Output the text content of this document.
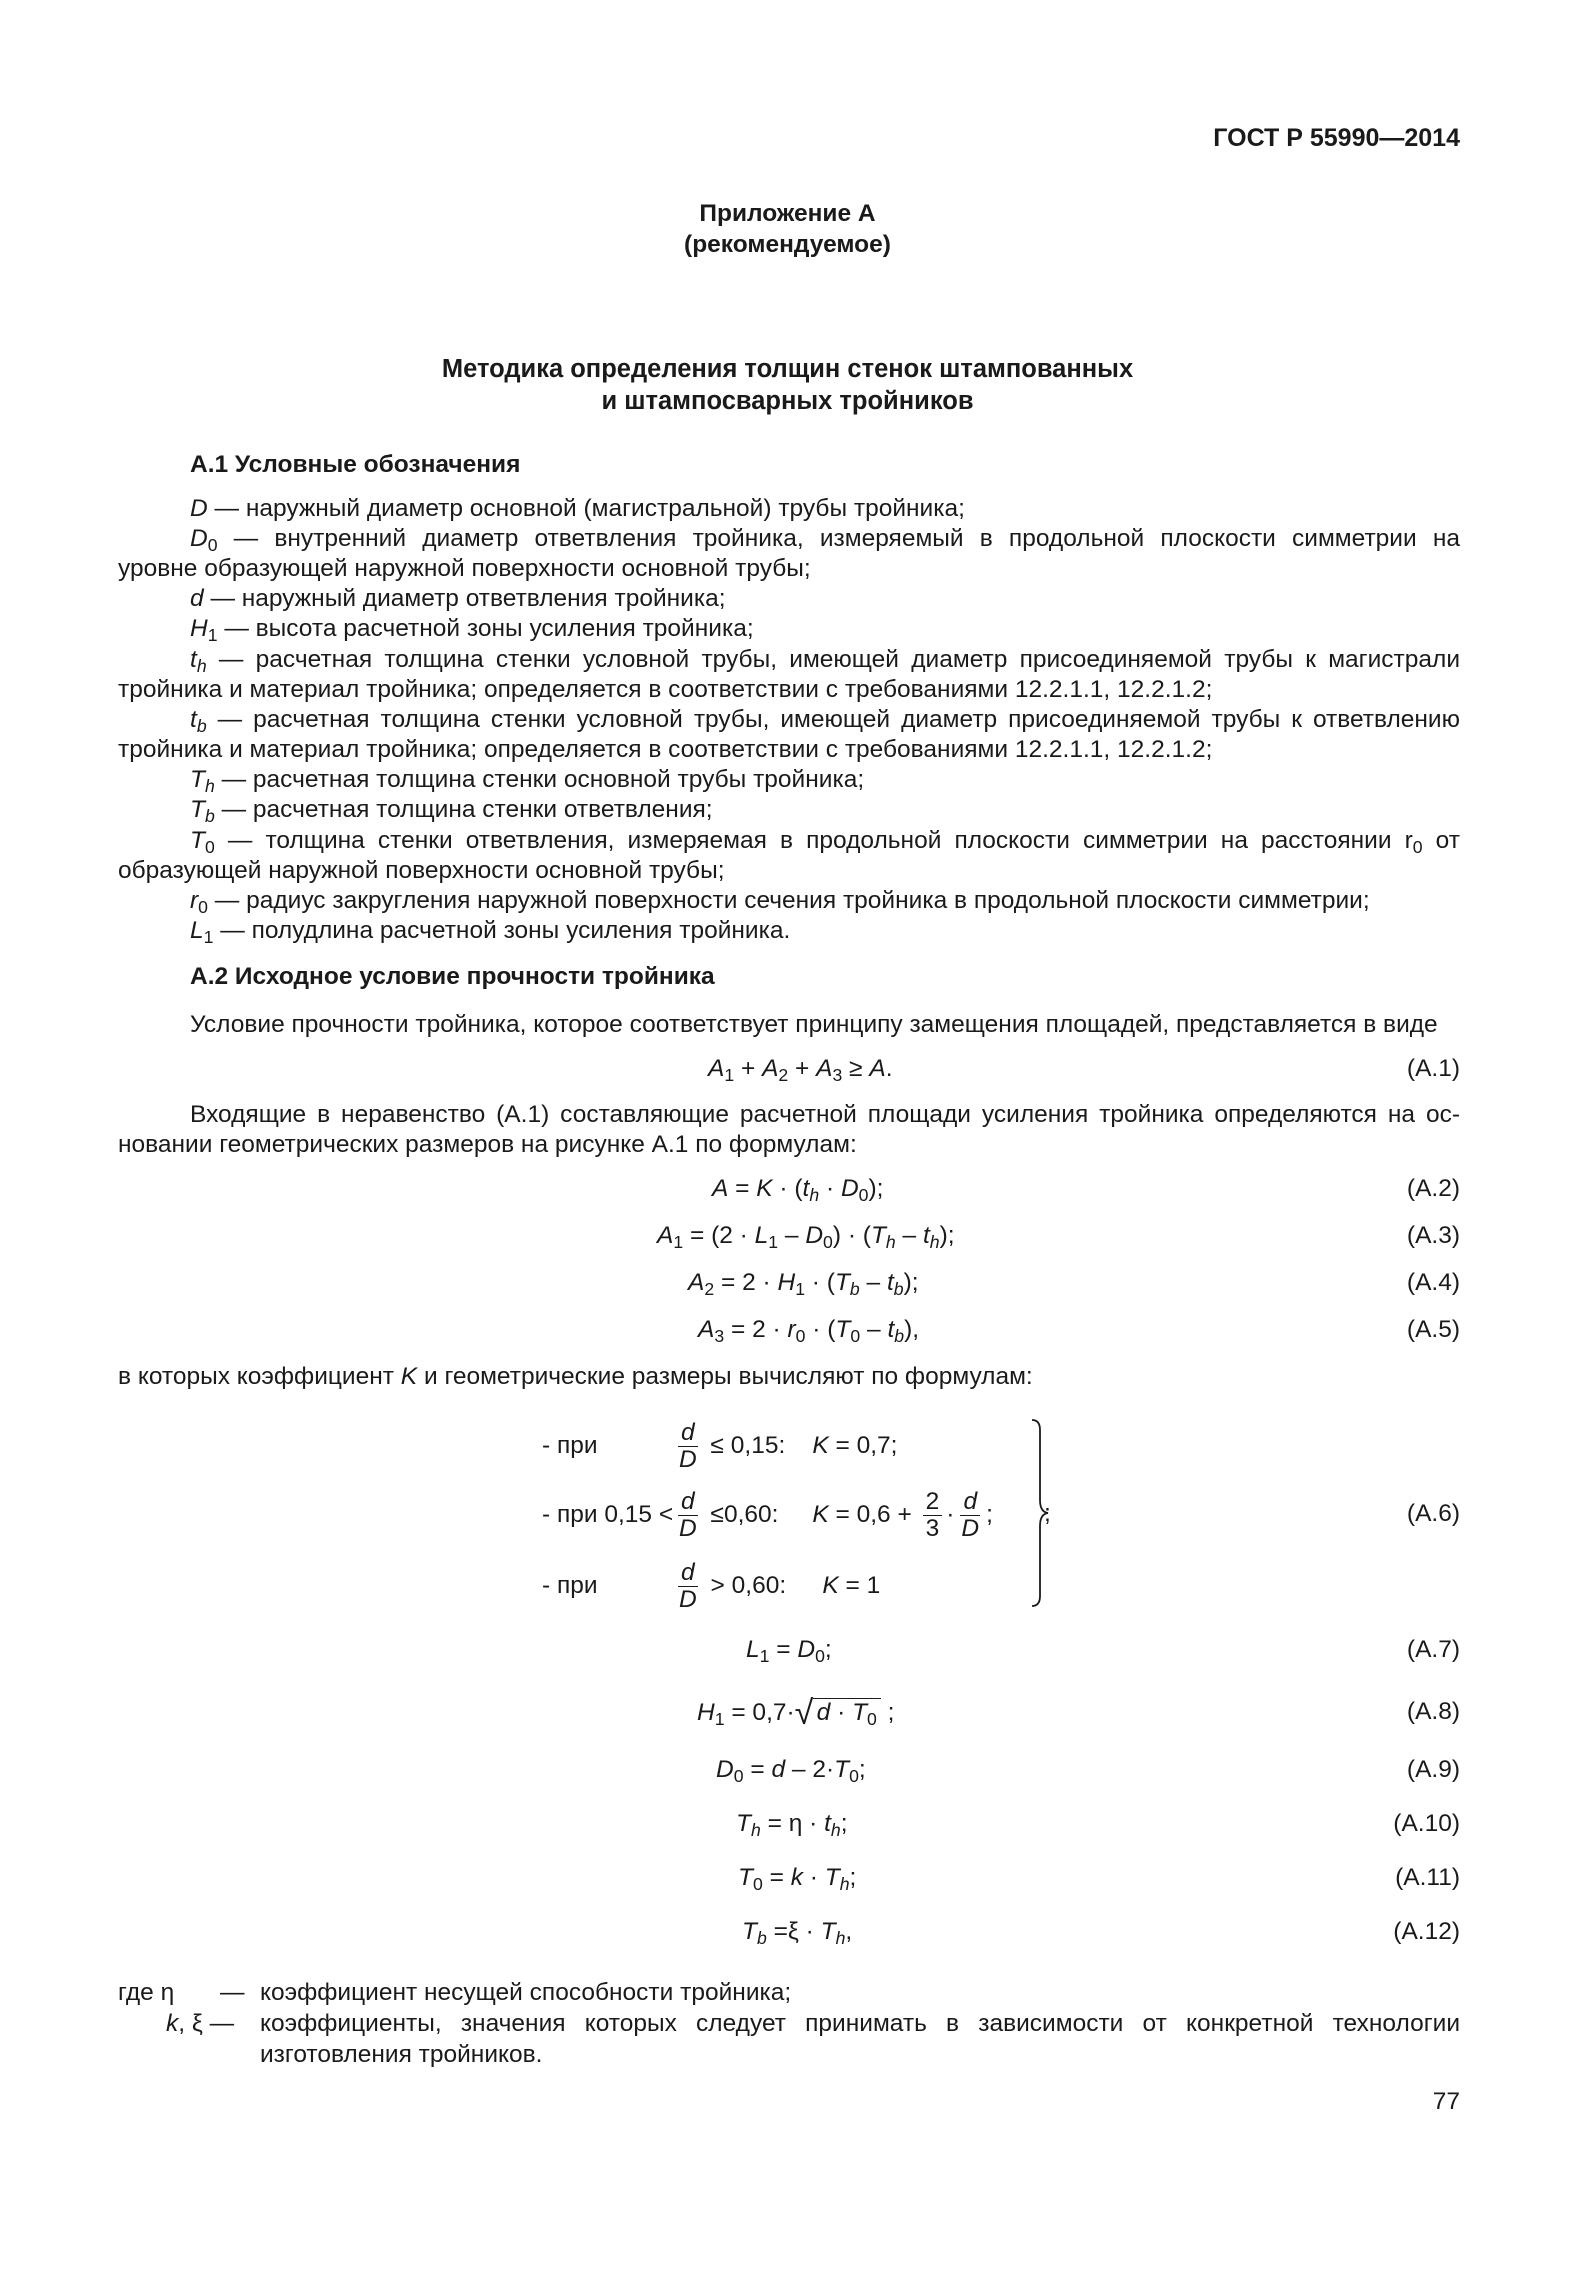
ГОСТ Р 55990—2014
Приложение А
(рекомендуемое)
Методика определения толщин стенок штампованных
и штампосварных тройников
А.1 Условные обозначения
D — наружный диаметр основной (магистральной) трубы тройника;
$D_0$ — внутренний диаметр ответвления тройника, измеряемый в продольной плоскости симметрии на
уровне образующей наружной поверхности основной трубы;
d — наружный диаметр ответвления тройника;
$H_1$ — высота расчетной зоны усиления тройника;
$t_h$ — расчетная толщина стенки условной трубы, имеющей диаметр присоединяемой трубы к магистрали
тройника и материал тройника; определяется в соответствии с требованиями 12.2.1.1, 12.2.1.2;
$t_b$ — расчетная толщина стенки условной трубы, имеющей диаметр присоединяемой трубы к ответвлению
тройника и материал тройника; определяется в соответствии с требованиями 12.2.1.1, 12.2.1.2;
$T_h$ — расчетная толщина стенки основной трубы тройника;
$T_b$ — расчетная толщина стенки ответвления;
$T_0$ — толщина стенки ответвления, измеряемая в продольной плоскости симметрии на расстоянии $r_0$ от
образующей наружной поверхности основной трубы;
$r_0$ — радиус закругления наружной поверхности сечения тройника в продольной плоскости симметрии;
$L_1$ — полудлина расчетной зоны усиления тройника.
А.2 Исходное условие прочности тройника
Условие прочности тройника, которое соответствует принципу замещения площадей, представляется в виде
$A_1 + A_2 + A_3 \ge A$.	(А.1)
Входящие в неравенство (А.1) составляющие расчетной площади усиления тройника определяются на ос-
новании геометрических размеров на рисунке А.1 по формулам:
$A = K \cdot (t_h \cdot D_0)$;	(А.2)
$A_1 = (2 \cdot L_1 - D_0) \cdot (T_h - t_h)$;	(А.3)
$A_2 = 2 \cdot H_1 \cdot (T_b - t_b)$;	(А.4)
$A_3 = 2 \cdot r_0 \cdot (T_0 - t_b)$,	(А.5)
в которых коэффициент K и геометрические размеры вычисляют по формулам:
- при	$\frac{d}{D} \le 0,15$: K = 0,7;
- при $0,15 < \frac{d}{D} \le 0,60$: $K = 0,6 + \frac{2}{3} \cdot \frac{d}{D}$ ;
- при	$\frac{d}{D} > 0,60$: K = 1
;	(А.6)
$L_1 = D_0$;	(А.7)
$H_1 = 0,7\cdot$ √ $d \cdot T_0$ ;	(А.8)
$D_0 = d - 2\cdot T_0$;	(А.9)
$T_h = \eta \cdot t_h$;	(А.10)
$T_0 = k \cdot T_h$;	(А.11)
$T_b =\xi \cdot T_h$,	(А.12)
где η — коэффициент несущей способности тройника;
k, ξ — коэффициенты, значения которых следует принимать в зависимости от конкретной технологии
изготовления тройников.
77
